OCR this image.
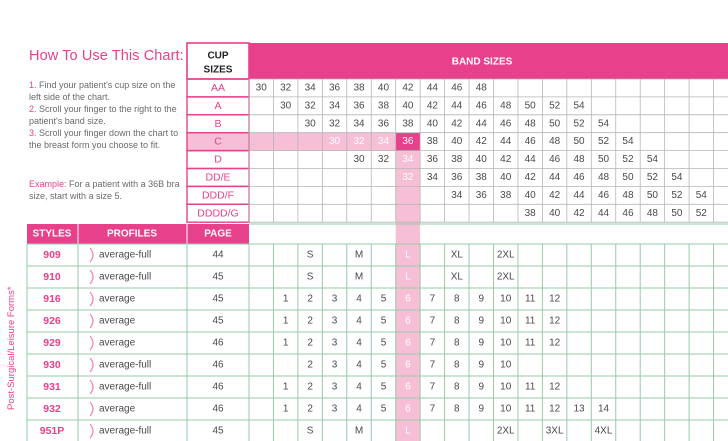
How To Use This Chart:
1. Find your patient's cup size on the left side of the chart.
2. Scroll your finger to the right to the patient's band size.
3. Scroll your finger down the chart to the breast form you choose to fit.
Example: For a patient with a 36B bra size, start with a size 5.
Post-Surgical/Leisure Forms*
CUP
SIZES
BAND SIZES
AA	30 32 34 36 38 40 42 44 46 48
A	30 32 34 36 38 40 42 44 46 48 50 52 54
B	30 32 34 36 38 40 42 44 46 48 50 52 54
C	30 32 34 36 38 40 42 44 46 48 50 52 54
D	30 32 34 36 38 40 42 44 46 48 50 52 54
DD/E	32 34 36 38 40 42 44 46 48 50 52 54
DDD/F	34 36 38 40 42 44 46 48 50 52 54
DDDD/G	38 40 42 44 46 48 50 52
STYLES	PROFILES	PAGE
909	average-full	44	S	M	L	XL	2XL
910	average-full	45	S	M	L	XL	2XL
916	average	45	1 2 3 4 5 6 7 8 9 10 11 12
926	average	45	1 2 3 4 5 6 7 8 9 10 11 12
929	average	46	1 2 3 4 5 6 7 8 9 10 11 12
930	average-full	46	2 3 4 5 6 7 8 9 10
931	average-full	46	1 2 3 4 5 6 7 8 9 10 11 12
932	average	46	1 2 3 4 5 6 7 8 9 10 11 12 13 14
951P	average-full	45	S	M	L	2XL	3XL	4XL
